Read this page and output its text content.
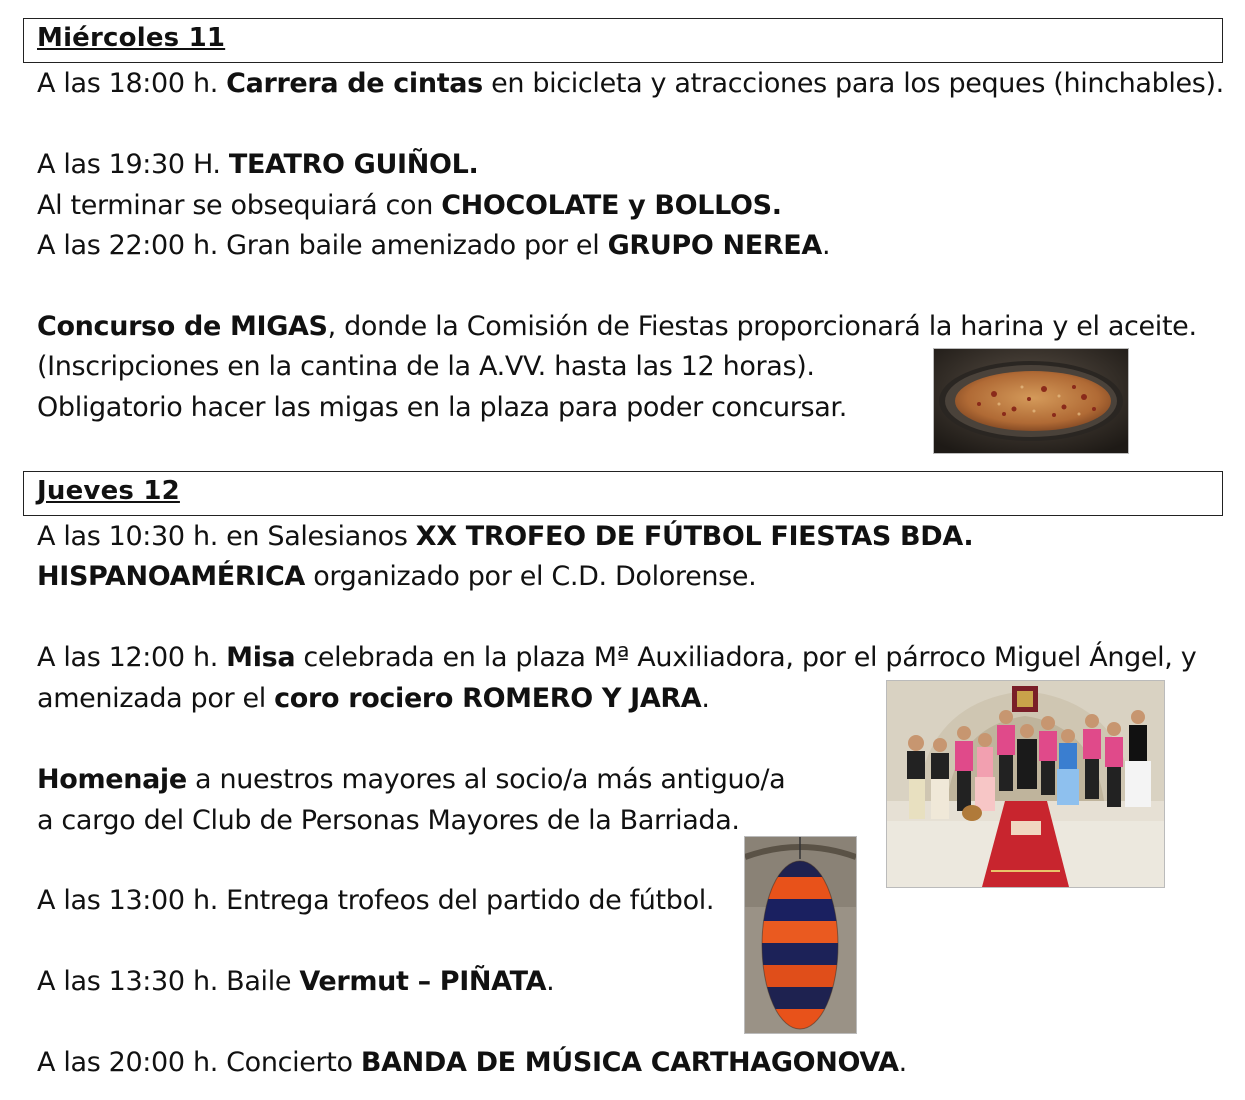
Miércoles 11
A las 18:00 h. Carrera de cintas en bicicleta y atracciones para los peques (hinchables).
A las 19:30 H. TEATRO GUIÑOL.
Al terminar se obsequiará con CHOCOLATE y BOLLOS.
A las 22:00 h. Gran baile amenizado por el GRUPO NEREA.
Concurso de MIGAS, donde la Comisión de Fiestas proporcionará la harina y el aceite.
(Inscripciones en la cantina de la A.VV. hasta las 12 horas).
Obligatorio hacer las migas en la plaza para poder concursar.
Jueves 12
A las 10:30 h. en Salesianos XX TROFEO DE FÚTBOL FIESTAS BDA.
HISPANOAMÉRICA organizado por el C.D. Dolorense.
A las 12:00 h. Misa celebrada en la plaza Mª Auxiliadora, por el párroco Miguel Ángel, y
amenizada por el coro rociero ROMERO Y JARA.
Homenaje a nuestros mayores al socio/a más antiguo/a
a cargo del Club de Personas Mayores de la Barriada.
A las 13:00 h. Entrega trofeos del partido de fútbol.
A las 13:30 h. Baile Vermut – PIÑATA.
A las 20:00 h. Concierto BANDA DE MÚSICA CARTHAGONOVA.
